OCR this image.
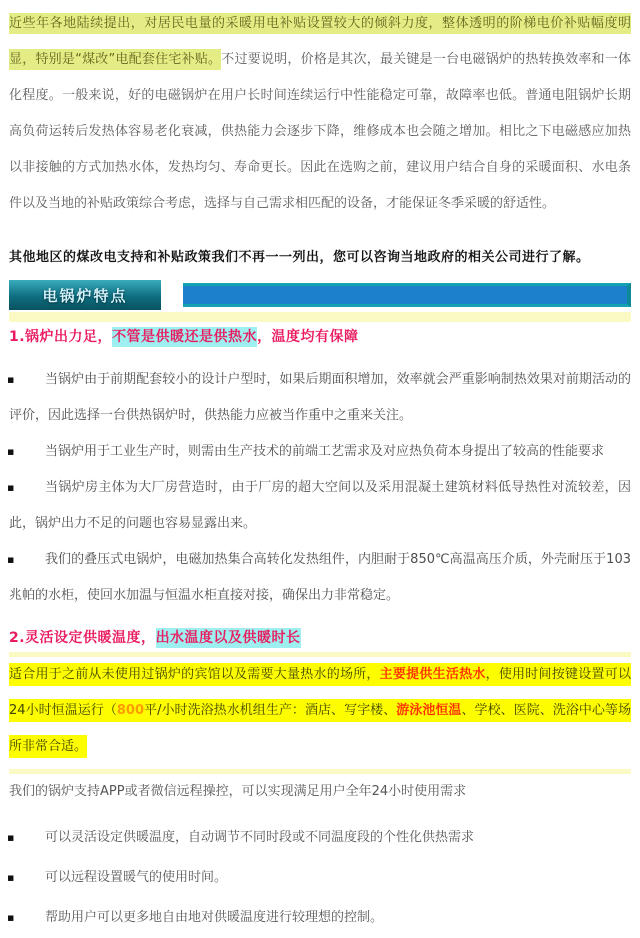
近些年各地陆续提出，对居民电量的采暖用电补贴设置较大的倾斜力度，整体透明的阶梯电价补贴幅度明显，特别是“煤改”电配套住宅补贴。不过要说明，价格是其次，最关键是一台电磁锅炉的热转换效率和一体化程度。一般来说，好的电磁锅炉在用户长时间连续运行中性能稳定可靠，故障率也低。普通电阻锅炉长期高负荷运转后发热体容易老化衰减，供热能力会逐步下降，维修成本也会随之增加。相比之下电磁感应加热以非接触的方式加热水体，发热均匀、寿命更长。因此在选购之前，建议用户结合自身的采暖面积、水电条件以及当地的补贴政策综合考虑，选择与自己需求相匹配的设备，才能保证冬季采暖的舒适性。

其他地区的煤改电支持和补贴政策我们不再一一列出，您可以咨询当地政府的相关公司进行了解。

电锅炉特点

1.锅炉出力足，不管是供暖还是供热水，温度均有保障

▪ 当锅炉由于前期配套较小的设计户型时，如果后期面积增加，效率就会严重影响制热效果对前期活动的评价，因此选择一台供热锅炉时，供热能力应被当作重中之重来关注。
▪ 当锅炉用于工业生产时，则需由生产技术的前端工艺需求及对应热负荷本身提出了较高的性能要求
▪ 当锅炉房主体为大厂房营造时，由于厂房的超大空间以及采用混凝土建筑材料低导热性对流较差，因此，锅炉出力不足的问题也容易显露出来。
▪ 我们的叠压式电锅炉，电磁加热集合高转化发热组件，内胆耐于850℃高温高压介质，外壳耐压于103兆帕的水柜，使回水加温与恒温水柜直接对接，确保出力非常稳定。

2.灵活设定供暖温度，出水温度以及供暖时长

适合用于之前从未使用过锅炉的宾馆以及需要大量热水的场所，主要提供生活热水，使用时间按键设置可以24小时恒温运行（800平/小时洗浴热水机组生产：酒店、写字楼、游泳池恒温、学校、医院、洗浴中心等场所非常合适。

我们的锅炉支持APP或者微信远程操控，可以实现满足用户全年24小时使用需求

▪ 可以灵活设定供暖温度，自动调节不同时段或不同温度段的个性化供热需求
▪ 可以远程设置暖气的使用时间。
▪ 帮助用户可以更多地自由地对供暖温度进行较理想的控制。
